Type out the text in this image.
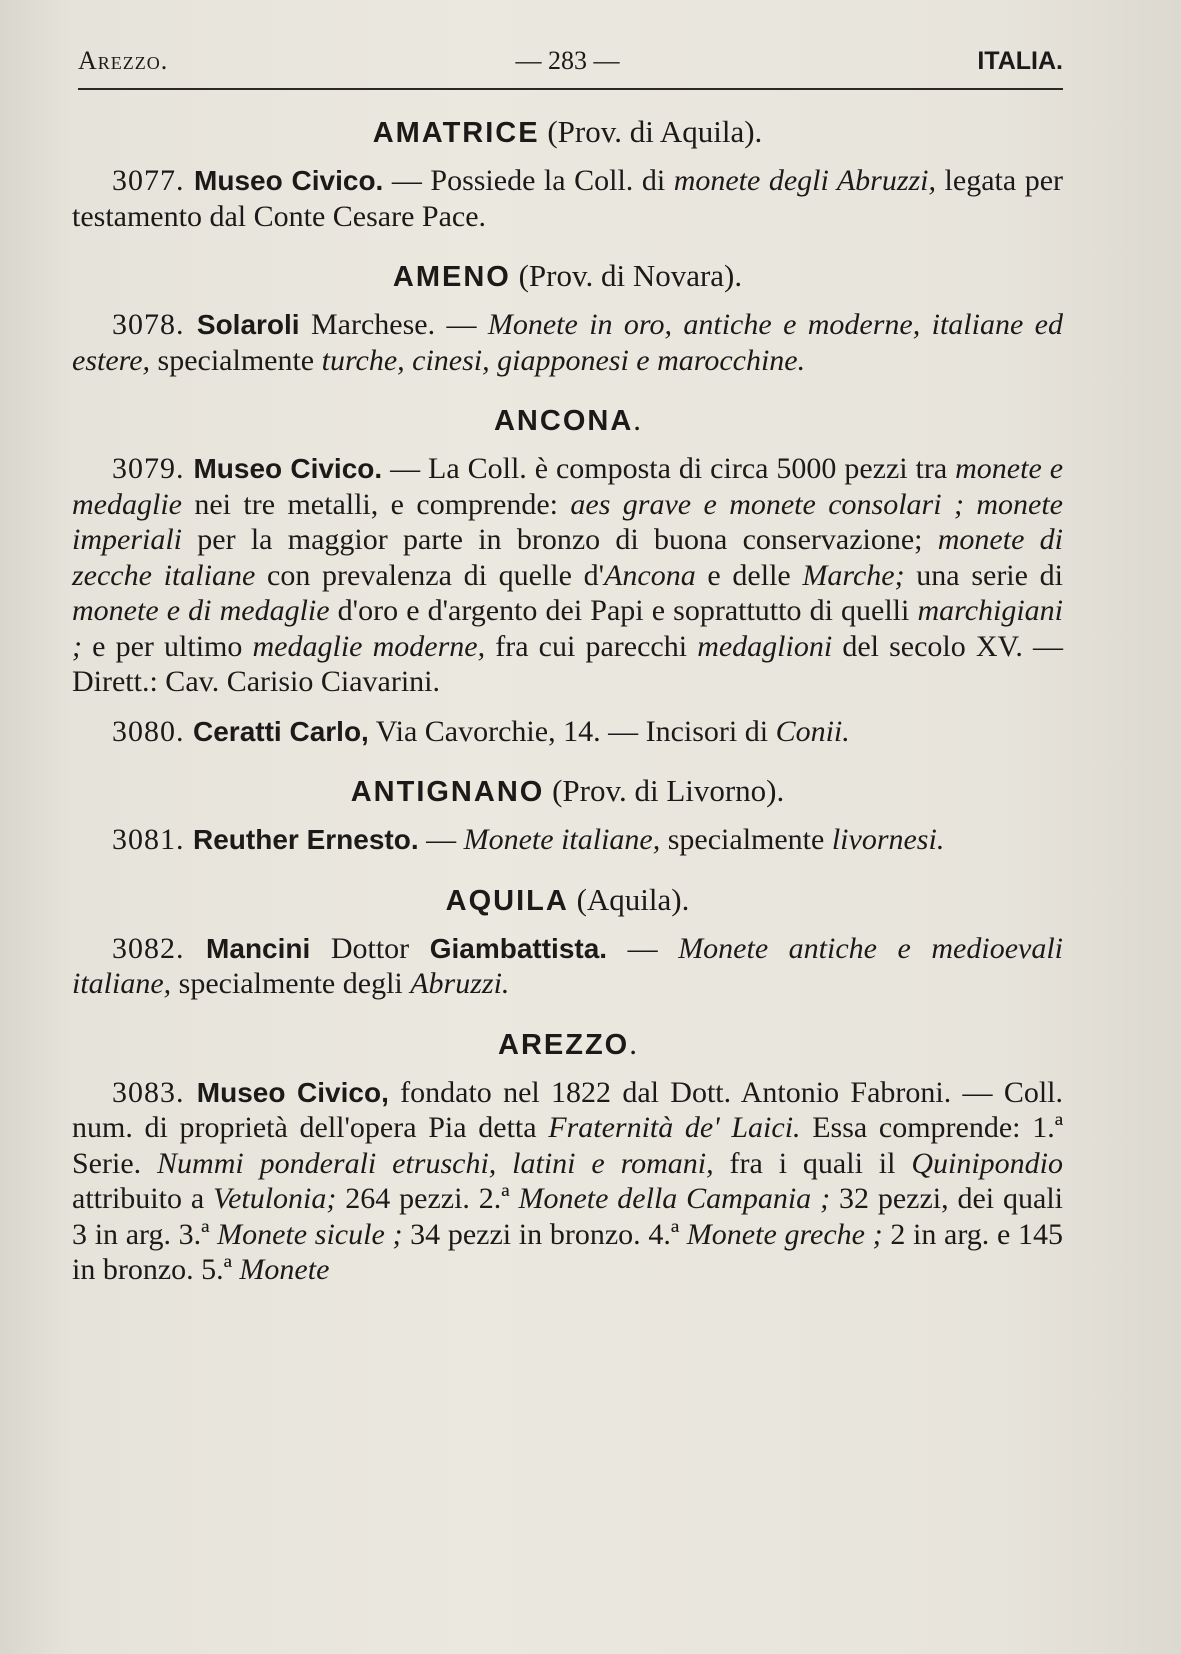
Arezzo.	— 283 —	ITALIA.
AMATRICE (Prov. di Aquila).

3077. Museo Civico. — Possiede la Coll. di monete degli Abruzzi, legata per testamento dal Conte Cesare Pace.

AMENO (Prov. di Novara).

3078. Solaroli Marchese. — Monete in oro, antiche e moderne, italiane ed estere, specialmente turche, cinesi, giapponesi e marocchine.

ANCONA.

3079. Museo Civico. — La Coll. è composta di circa 5000 pezzi tra monete e medaglie nei tre metalli, e comprende: aes grave e monete consolari ; monete imperiali per la maggior parte in bronzo di buona conservazione; monete di zecche italiane con prevalenza di quelle d'Ancona e delle Marche; una serie di monete e di medaglie d'oro e d'argento dei Papi e soprattutto di quelli marchigiani ; e per ultimo medaglie moderne, fra cui parecchi medaglioni del secolo XV. — Dirett.: Cav. Carisio Ciavarini.

3080. Ceratti Carlo, Via Cavorchie, 14. — Incisori di Conii.

ANTIGNANO (Prov. di Livorno).

3081. Reuther Ernesto. — Monete italiane, specialmente livornesi.

AQUILA (Aquila).

3082. Mancini Dottor Giambattista. — Monete antiche e medioevali italiane, specialmente degli Abruzzi.

AREZZO.

3083. Museo Civico, fondato nel 1822 dal Dott. Antonio Fabroni. — Coll. num. di proprietà dell'opera Pia detta Fraternità de' Laici. Essa comprende: 1.ª Serie. Nummi ponderali etruschi, latini e romani, fra i quali il Quinipondio attribuito a Vetulonia; 264 pezzi. 2.ª Monete della Campania ; 32 pezzi, dei quali 3 in arg. 3.ª Monete sicule ; 34 pezzi in bronzo. 4.ª Monete greche ; 2 in arg. e 145 in bronzo. 5.ª Monete
